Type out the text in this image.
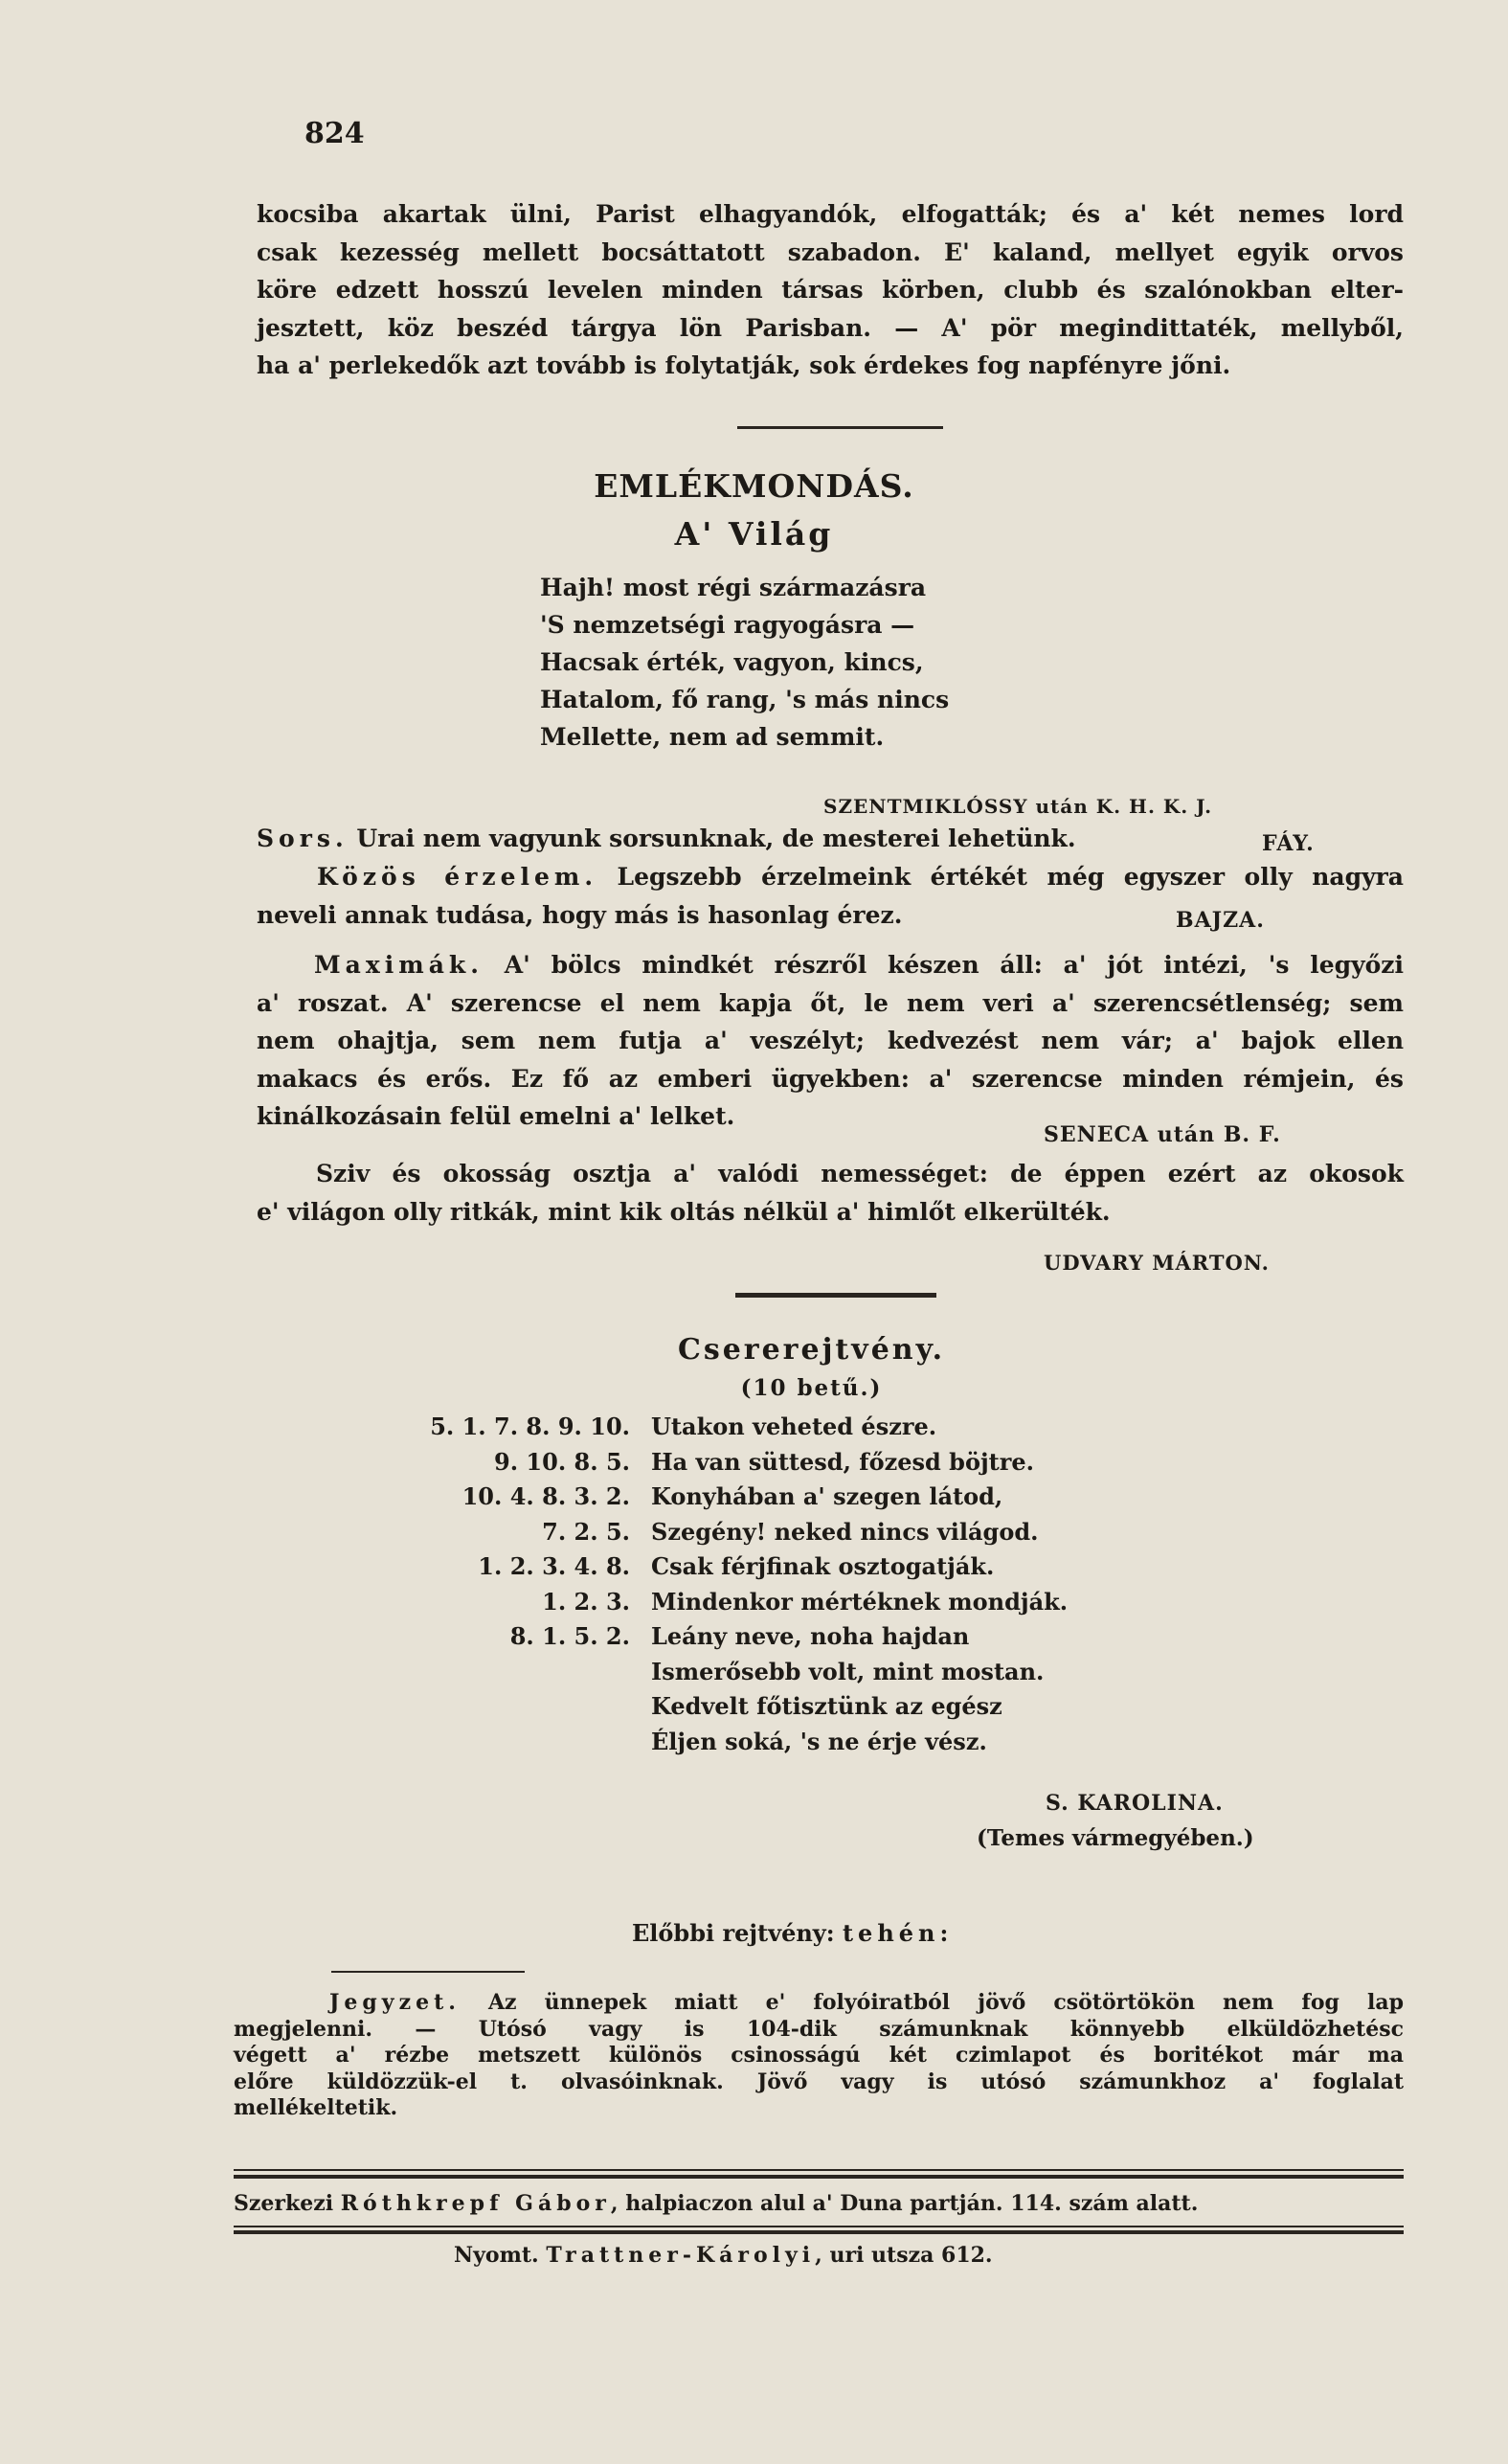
824
kocsiba akartak ülni, Parist elhagyandók, elfogatták; és a' két nemes lord
csak kezesség mellett bocsáttatott szabadon. E' kaland, mellyet egyik orvos
köre edzett hosszú levelen minden társas körben, clubb és szalónokban elter-
jesztett, köz beszéd tárgya lön Parisban. — A' pör megindittaték, mellyből,
ha a' perlekedők azt tovább is folytatják, sok érdekes fog napfényre jőni.
EMLÉKMONDÁS.
A' Világ
Hajh! most régi származásra
'S nemzetségi ragyogásra —
Hacsak érték, vagyon, kincs,
Hatalom, fő rang, 's más nincs
Mellette, nem ad semmit.
SZENTMIKLÓSSY után K. H. K. J.
Sors. Urai nem vagyunk sorsunknak, de mesterei lehetünk.	FÁY.
Közös érzelem. Legszebb érzelmeink értékét még egyszer olly nagyra
neveli annak tudása, hogy más is hasonlag érez.	BAJZA.
Maximák. A' bölcs mindkét részről készen áll: a' jót intézi, 's legyőzi
a' roszat. A' szerencse el nem kapja őt, le nem veri a' szerencsétlenség; sem
nem ohajtja, sem nem futja a' veszélyt; kedvezést nem vár; a' bajok ellen
makacs és erős. Ez fő az emberi ügyekben: a' szerencse minden rémjein, és
kinálkozásain felül emelni a' lelket.
SENECA után B. F.
Sziv és okosság osztja a' valódi nemességet: de éppen ezért az okosok
e' világon olly ritkák, mint kik oltás nélkül a' himlőt elkerülték.
UDVARY MÁRTON.
Csererejtvény.
(10 betű.)
5. 1. 7. 8. 9. 10. Utakon veheted észre.
9. 10. 8. 5. Ha van süttesd, főzesd böjtre.
10. 4. 8. 3. 2. Konyhában a' szegen látod,
7. 2. 5. Szegény! neked nincs világod.
1. 2. 3. 4. 8. Csak férjfinak osztogatják.
1. 2. 3. Mindenkor mértéknek mondják.
8. 1. 5. 2. Leány neve, noha hajdan
Ismerősebb volt, mint mostan.
Kedvelt főtisztünk az egész
Éljen soká, 's ne érje vész.
S. KAROLINA.
(Temes vármegyében.)
Előbbi rejtvény: tehén:
Jegyzet. Az ünnepek miatt e' folyóiratból jövő csötörtökön nem fog lap
megjelenni. — Utósó vagy is 104-dik számunknak könnyebb elküldözhetésc
végett a' rézbe metszett különös csinosságú két czimlapot és boritékot már ma
előre küldözzük-el t. olvasóinknak. Jövő vagy is utósó számunkhoz a' foglalat
mellékeltetik.
Szerkezi Róthkrepf Gábor, halpiaczon alul a' Duna partján. 114. szám alatt.
Nyomt. Trattner-Károlyi, uri utsza 612.
